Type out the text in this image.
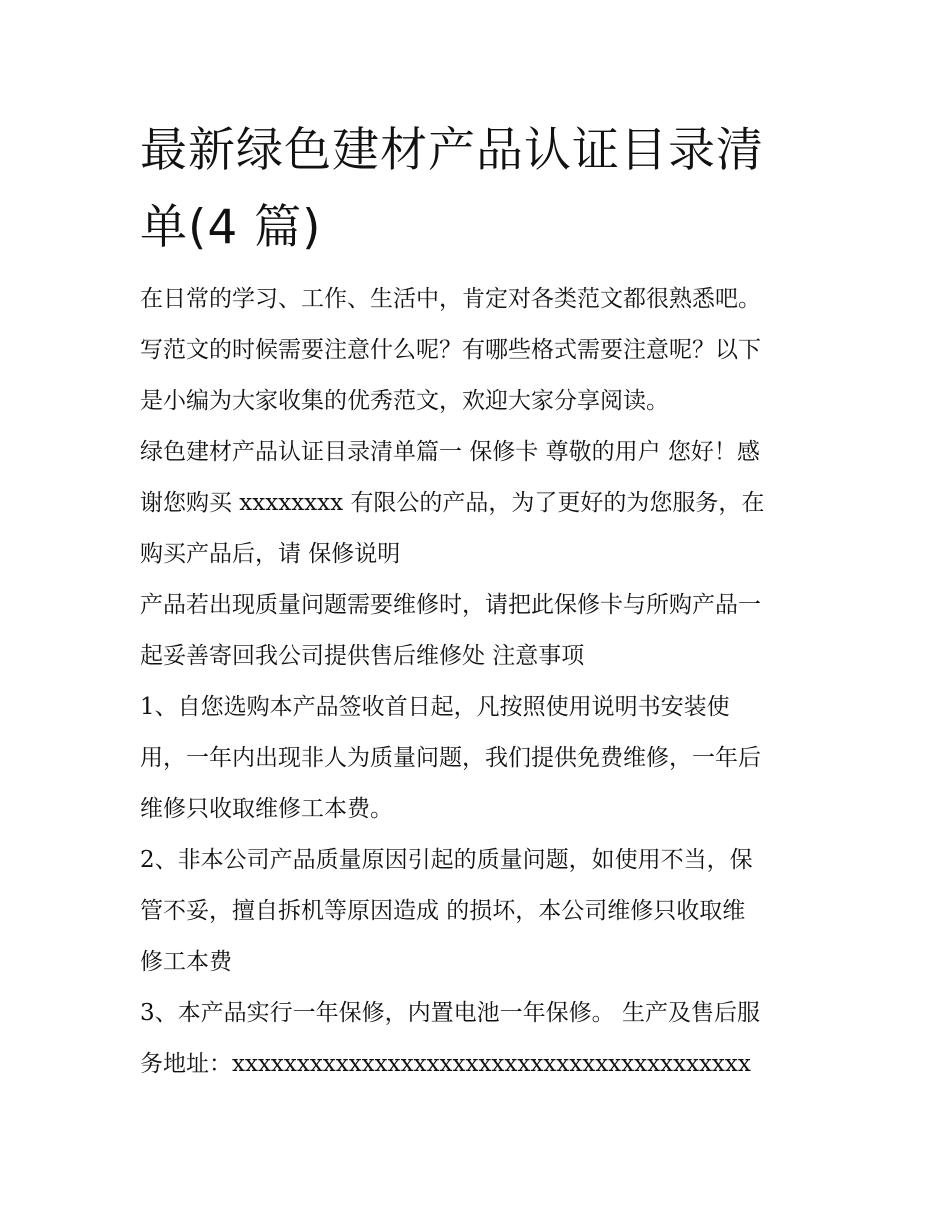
最新绿色建材产品认证目录清
单(4 篇)
在日常的学习、工作、生活中，肯定对各类范文都很熟悉吧。
写范文的时候需要注意什么呢？有哪些格式需要注意呢？以下
是小编为大家收集的优秀范文，欢迎大家分享阅读。
绿色建材产品认证目录清单篇一 保修卡 尊敬的用户 您好！感
谢您购买 xxxxxxxx 有限公的产品，为了更好的为您服务，在
购买产品后，请 保修说明
产品若出现质量问题需要维修时，请把此保修卡与所购产品一
起妥善寄回我公司提供售后维修处 注意事项
1、自您选购本产品签收首日起，凡按照使用说明书安装使
用，一年内出现非人为质量问题，我们提供免费维修，一年后
维修只收取维修工本费。
2、非本公司产品质量原因引起的质量问题，如使用不当，保
管不妥，擅自拆机等原因造成 的损坏，本公司维修只收取维
修工本费
3、本产品实行一年保修，内置电池一年保修。 生产及售后服
务地址：xxxxxxxxxxxxxxxxxxxxxxxxxxxxxxxxxxxxxxxx
